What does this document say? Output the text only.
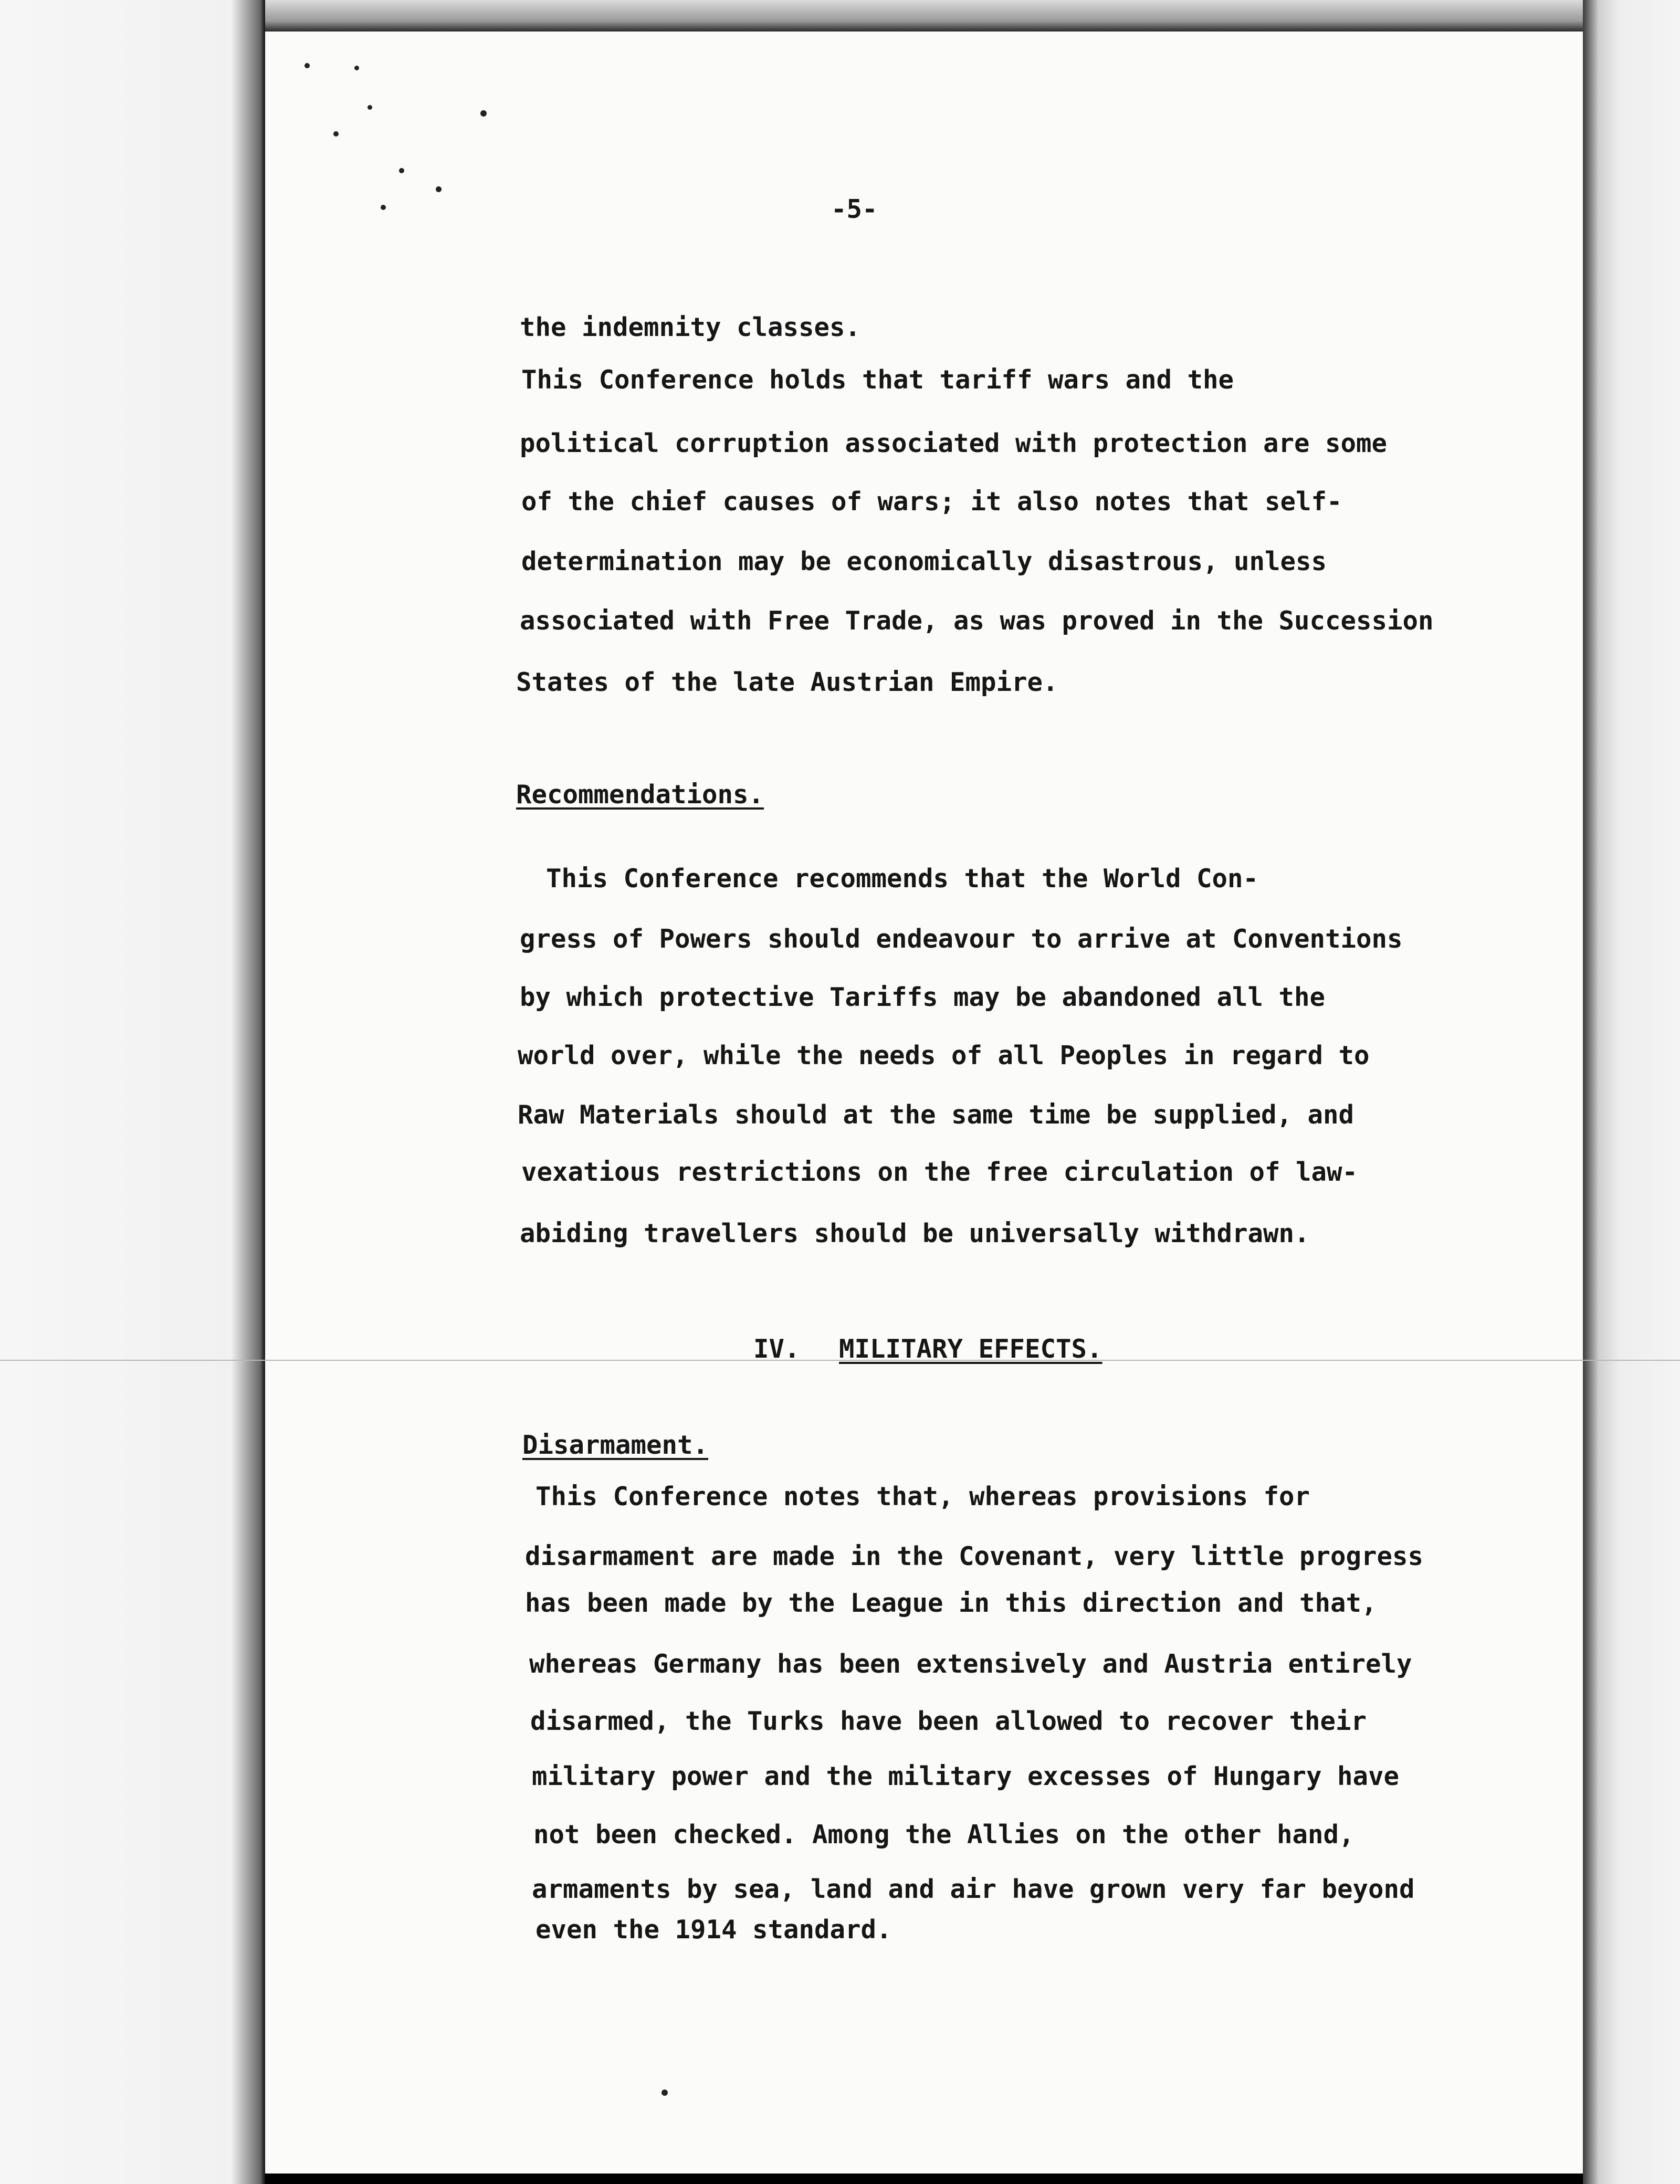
-5-
the indemnity classes.
This Conference holds that tariff wars and the
political corruption associated with protection are some
of the chief causes of wars; it also notes that self-
determination may be economically disastrous, unless
associated with Free Trade, as was proved in the Succession
States of the late Austrian Empire.
Recommendations.
This Conference recommends that the World Con-
gress of Powers should endeavour to arrive at Conventions
by which protective Tariffs may be abandoned all the
world over, while the needs of all Peoples in regard to
Raw Materials should at the same time be supplied, and
vexatious restrictions on the free circulation of law-
abiding travellers should be universally withdrawn.
IV. MILITARY EFFECTS.
Disarmament.
This Conference notes that, whereas provisions for
disarmament are made in the Covenant, very little progress
has been made by the League in this direction and that,
whereas Germany has been extensively and Austria entirely
disarmed, the Turks have been allowed to recover their
military power and the military excesses of Hungary have
not been checked. Among the Allies on the other hand,
armaments by sea, land and air have grown very far beyond
even the 1914 standard.
